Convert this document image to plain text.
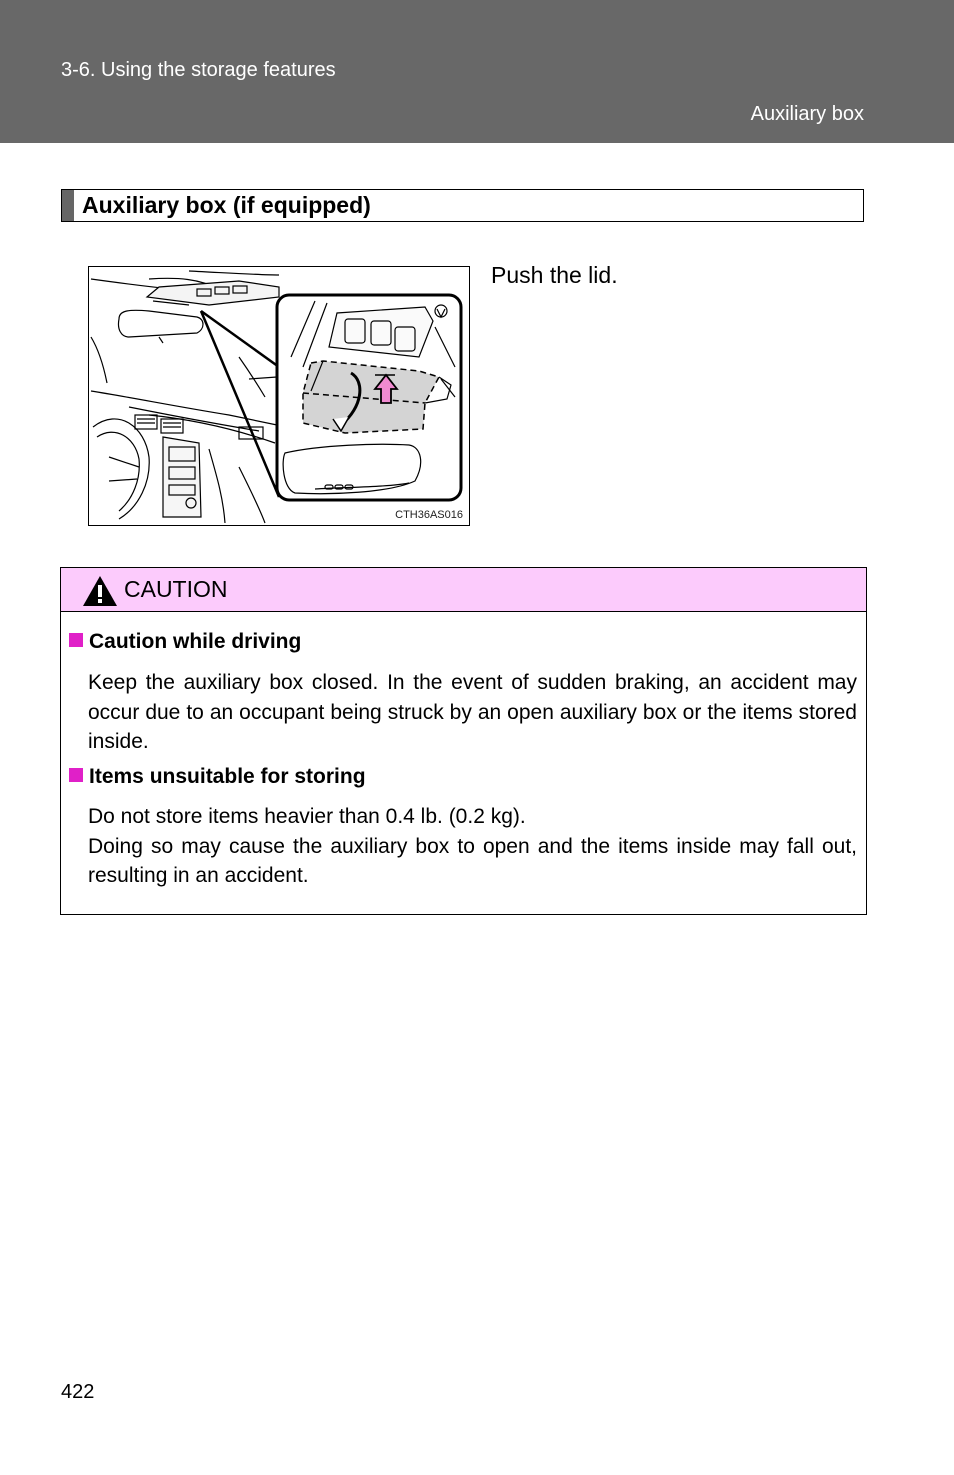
3-6. Using the storage features
Auxiliary box
Auxiliary box (if equipped)
CTH36AS016
Push the lid.
CAUTION
Caution while driving

Keep the auxiliary box closed. In the event of sudden braking, an accident may occur due to an occupant being struck by an open auxiliary box or the items stored inside.

Items unsuitable for storing

Do not store items heavier than 0.4 lb. (0.2 kg).

Doing so may cause the auxiliary box to open and the items inside may fall out, resulting in an accident.

422
